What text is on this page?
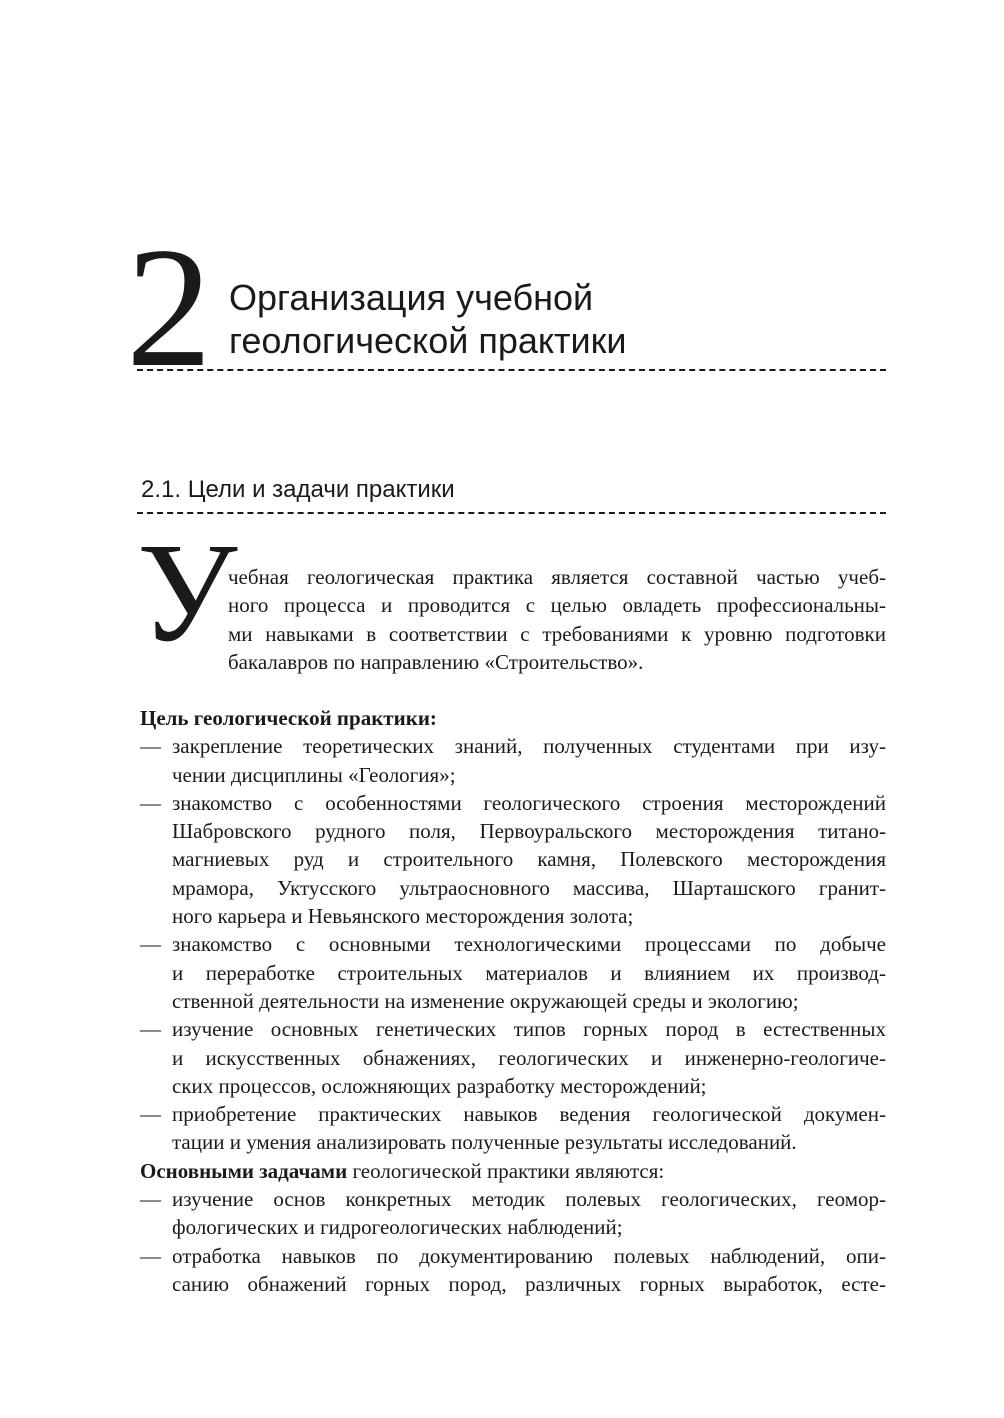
2 Организация учебной
геологической практики
2.1. Цели и задачи практики
У
чебная геологическая практика является составной частью учеб-
ного процесса и проводится с целью овладеть профессиональны-
ми навыками в соответствии с требованиями к уровню подготовки
бакалавров по направлению «Строительство».
Цель геологической практики:
— закрепление теоретических знаний, полученных студентами при изу-
чении дисциплины «Геология»;
— знакомство с особенностями геологического строения месторождений
Шабровского рудного поля, Первоуральского месторождения титано-
магниевых руд и строительного камня, Полевского месторождения
мрамора, Уктусского ультраосновного массива, Шарташского гранит-
ного карьера и Невьянского месторождения золота;
— знакомство с основными технологическими процессами по добыче
и переработке строительных материалов и влиянием их производ-
ственной деятельности на изменение окружающей среды и экологию;
— изучение основных генетических типов горных пород в естественных
и искусственных обнажениях, геологических и инженерно-геологиче-
ских процессов, осложняющих разработку месторождений;
— приобретение практических навыков ведения геологической докумен-
тации и умения анализировать полученные результаты исследований.
Основными задачами геологической практики являются:
— изучение основ конкретных методик полевых геологических, геомор-
фологических и гидрогеологических наблюдений;
— отработка навыков по документированию полевых наблюдений, опи-
санию обнажений горных пород, различных горных выработок, есте-
